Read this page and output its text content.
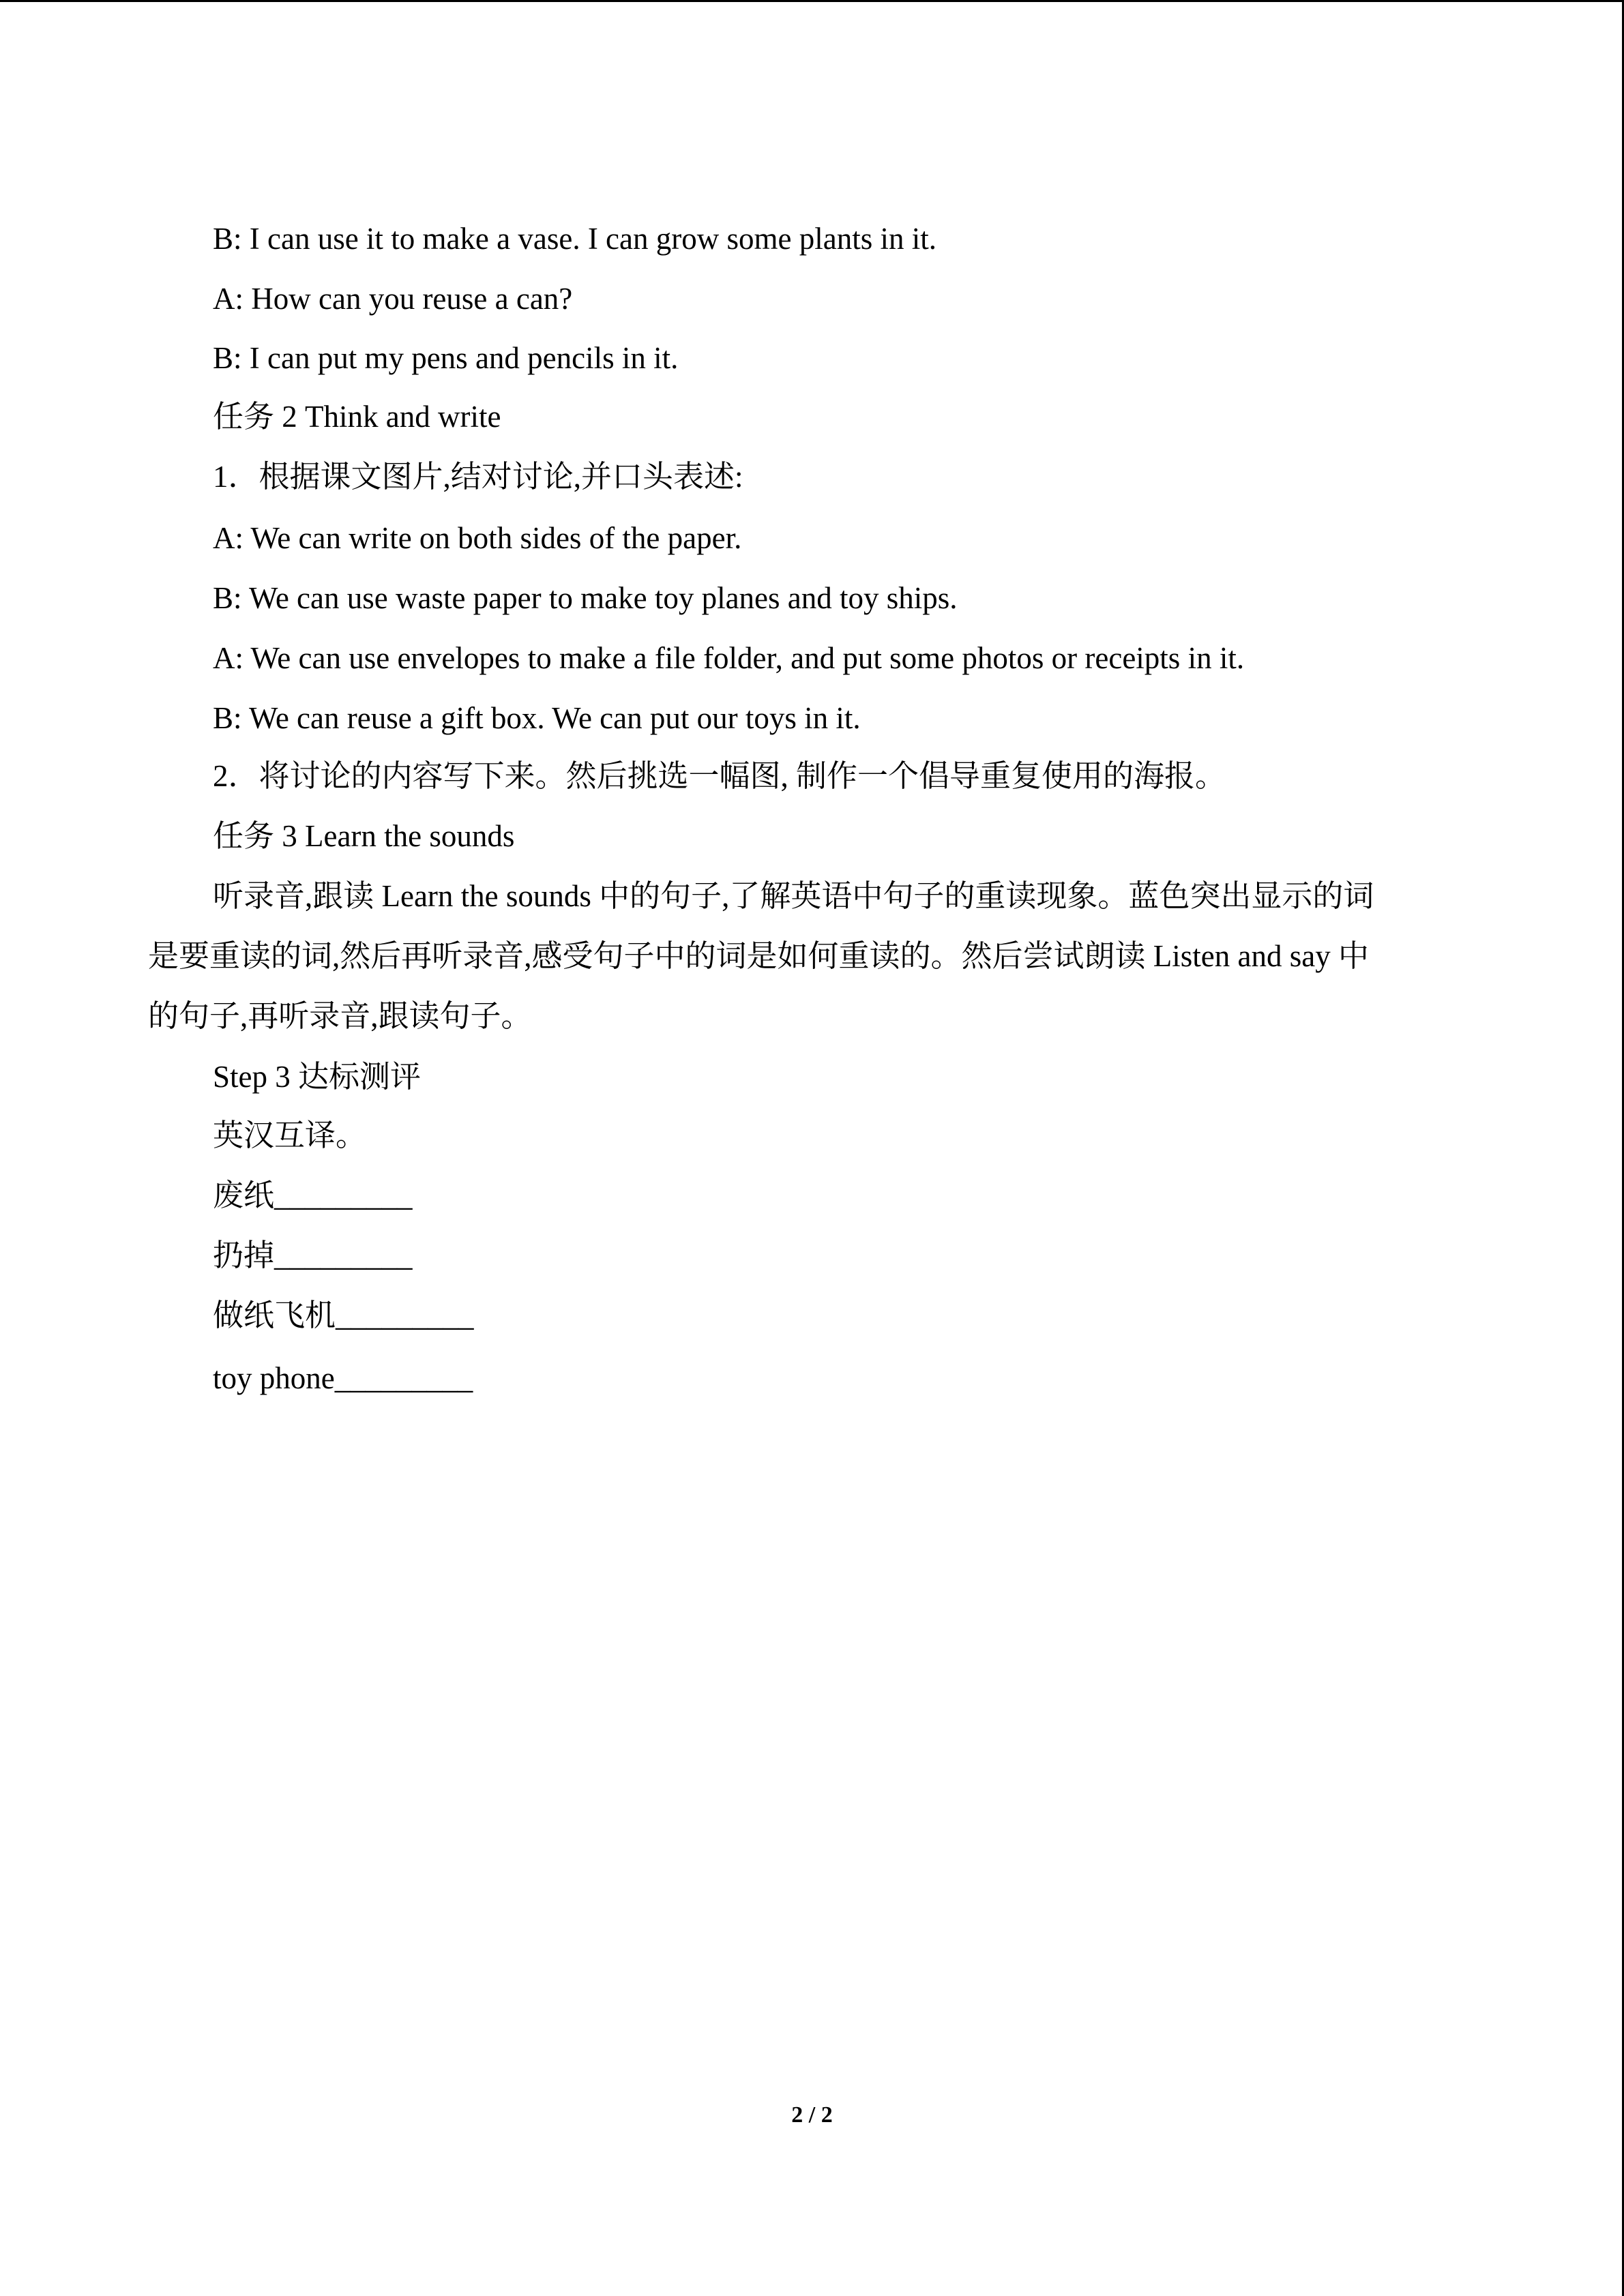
B: I can use it to make a vase. I can grow some plants in it.
A: How can you reuse a can?
B: I can put my pens and pencils in it.
任务 2 Think and write
1．根据课文图片,结对讨论,并口头表述:
A: We can write on both sides of the paper.
B: We can use waste paper to make toy planes and toy ships.
A: We can use envelopes to make a file folder, and put some photos or receipts in it.
B: We can reuse a gift box. We can put our toys in it.
2．将讨论的内容写下来。然后挑选一幅图, 制作一个倡导重复使用的海报。
任务 3 Learn the sounds
听录音,跟读 Learn the sounds 中的句子,了解英语中句子的重读现象。蓝色突出显示的词
是要重读的词,然后再听录音,感受句子中的词是如何重读的。然后尝试朗读 Listen and say 中
的句子,再听录音,跟读句子。
Step 3 达标测评
英汉互译。
废纸_________
扔掉_________
做纸飞机_________
toy phone_________
2 / 2
